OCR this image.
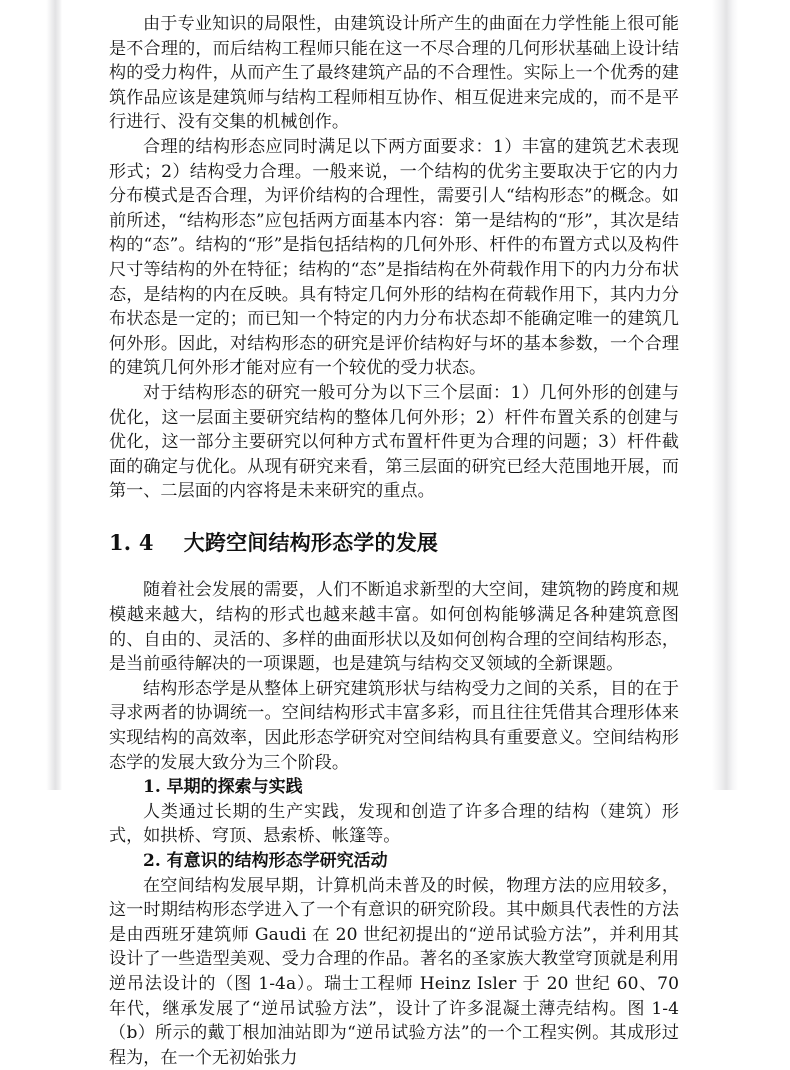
由于专业知识的局限性，由建筑设计所产生的曲面在力学性能上很可能是不合理的，而后结构工程师只能在这一不尽合理的几何形状基础上设计结构的受力构件，从而产生了最终建筑产品的不合理性。实际上一个优秀的建筑作品应该是建筑师与结构工程师相互协作、相互促进来完成的，而不是平行进行、没有交集的机械创作。

合理的结构形态应同时满足以下两方面要求：1）丰富的建筑艺术表现形式；2）结构受力合理。一般来说，一个结构的优劣主要取决于它的内力分布模式是否合理，为评价结构的合理性，需要引人“结构形态”的概念。如前所述，“结构形态”应包括两方面基本内容：第一是结构的“形”，其次是结构的“态”。结构的“形”是指包括结构的几何外形、杆件的布置方式以及构件尺寸等结构的外在特征；结构的“态”是指结构在外荷载作用下的内力分布状态，是结构的内在反映。具有特定几何外形的结构在荷载作用下，其内力分布状态是一定的；而已知一个特定的内力分布状态却不能确定唯一的建筑几何外形。因此，对结构形态的研究是评价结构好与坏的基本参数，一个合理的建筑几何外形才能对应有一个较优的受力状态。

对于结构形态的研究一般可分为以下三个层面：1）几何外形的创建与优化，这一层面主要研究结构的整体几何外形；2）杆件布置关系的创建与优化，这一部分主要研究以何种方式布置杆件更为合理的问题；3）杆件截面的确定与优化。从现有研究来看，第三层面的研究已经大范围地开展，而第一、二层面的内容将是未来研究的重点。

1. 4    大跨空间结构形态学的发展

随着社会发展的需要，人们不断追求新型的大空间，建筑物的跨度和规模越来越大，结构的形式也越来越丰富。如何创构能够满足各种建筑意图的、自由的、灵活的、多样的曲面形状以及如何创构合理的空间结构形态，是当前亟待解决的一项课题，也是建筑与结构交叉领域的全新课题。

结构形态学是从整体上研究建筑形状与结构受力之间的关系，目的在于寻求两者的协调统一。空间结构形式丰富多彩，而且往往凭借其合理形体来实现结构的高效率，因此形态学研究对空间结构具有重要意义。空间结构形态学的发展大致分为三个阶段。

1. 早期的探索与实践

人类通过长期的生产实践，发现和创造了许多合理的结构（建筑）形式，如拱桥、穹顶、悬索桥、帐篷等。

2. 有意识的结构形态学研究活动

在空间结构发展早期，计算机尚未普及的时候，物理方法的应用较多，这一时期结构形态学进入了一个有意识的研究阶段。其中颇具代表性的方法是由西班牙建筑师 Gaudi 在 20 世纪初提出的“逆吊试验方法”，并利用其设计了一些造型美观、受力合理的作品。著名的圣家族大教堂穹顶就是利用逆吊法设计的（图 1-4a）。瑞士工程师 Heinz Isler 于 20 世纪 60、70 年代，继承发展了“逆吊试验方法”，设计了许多混凝土薄壳结构。图 1-4（b）所示的戴丁根加油站即为“逆吊试验方法”的一个工程实例。其成形过程为，在一个无初始张力
